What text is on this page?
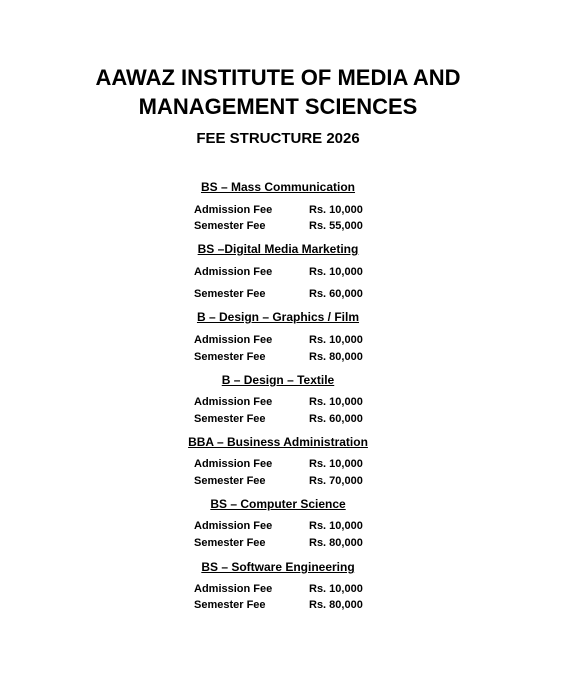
AAWAZ INSTITUTE OF MEDIA AND
MANAGEMENT SCIENCES
FEE STRUCTURE 2026
BS – Mass Communication
Admission Fee	Rs. 10,000
Semester Fee	Rs. 55,000
BS –Digital Media Marketing
Admission Fee	Rs. 10,000
Semester Fee	Rs. 60,000
B – Design – Graphics / Film
Admission Fee	Rs. 10,000
Semester Fee	Rs. 80,000
B – Design – Textile
Admission Fee	Rs. 10,000
Semester Fee	Rs. 60,000
BBA – Business Administration
Admission Fee	Rs. 10,000
Semester Fee	Rs. 70,000
BS – Computer Science
Admission Fee	Rs. 10,000
Semester Fee	Rs. 80,000
BS – Software Engineering
Admission Fee	Rs. 10,000
Semester Fee	Rs. 80,000
